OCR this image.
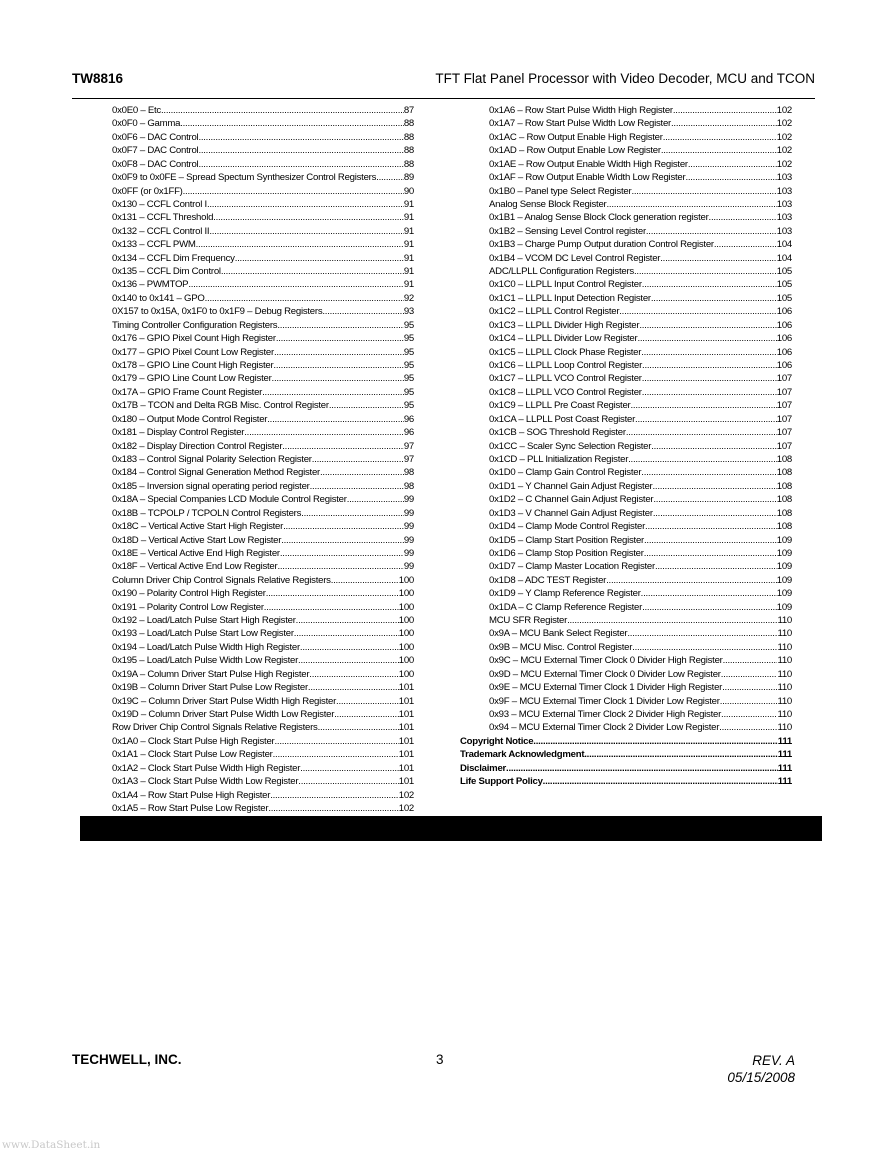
TW8816	TFT Flat Panel Processor with Video Decoder, MCU and TCON
0x0E0 – Etc .....	87
0x0F0 – Gamma .....	88
0x0F6 – DAC Control .....	88
0x0F7 – DAC Control .....	88
0x0F8 – DAC Control .....	88
0x0F9 to 0x0FE – Spread Spectum Synthesizer Control Registers .....	89
0x0FF (or 0x1FF) .....	90
0x130 – CCFL Control I .....	91
0x131 – CCFL Threshold .....	91
0x132 – CCFL Control II .....	91
0x133 – CCFL PWM .....	91
0x134 – CCFL Dim Frequency .....	91
0x135 – CCFL Dim Control .....	91
0x136 – PWMTOP .....	91
0x140 to 0x141 – GPO .....	92
0X157 to 0x15A, 0x1F0 to 0x1F9 – Debug Registers .....	93
Timing Controller Configuration Registers .....	95
0x176 – GPIO Pixel Count High Register .....	95
0x177 – GPIO Pixel Count Low Register .....	95
0x178 – GPIO Line Count High Register .....	95
0x179 – GPIO Line Count Low Register .....	95
0x17A – GPIO Frame Count Register .....	95
0x17B – TCON and Delta RGB Misc. Control Register .....	95
0x180 – Output Mode Control Register .....	96
0x181 – Display Control Register .....	96
0x182 – Display Direction Control Register .....	97
0x183 – Control Signal Polarity Selection Register .....	97
0x184 – Control Signal Generation Method Register .....	98
0x185 – Inversion signal operating period register .....	98
0x18A – Special Companies LCD Module Control Register .....	99
0x18B – TCPOLP / TCPOLN Control Registers .....	99
0x18C – Vertical Active Start High Register .....	99
0x18D – Vertical Active Start Low Register .....	99
0x18E – Vertical Active End High Register .....	99
0x18F – Vertical Active End Low Register .....	99
Column Driver Chip Control Signals Relative Registers .....	100
0x190 – Polarity Control High Register .....	100
0x191 – Polarity Control Low Register .....	100
0x192 – Load/Latch Pulse Start High Register .....	100
0x193 – Load/Latch Pulse Start Low Register .....	100
0x194 – Load/Latch Pulse Width High Register .....	100
0x195 – Load/Latch Pulse Width Low Register .....	100
0x19A – Column Driver Start Pulse High Register .....	100
0x19B – Column Driver Start Pulse Low Register .....	101
0x19C – Column Driver Start Pulse Width High Register .....	101
0x19D – Column Driver Start Pulse Width Low Register .....	101
Row Driver Chip Control Signals Relative Registers .....	101
0x1A0 – Clock Start Pulse High Register .....	101
0x1A1 – Clock Start Pulse Low Register .....	101
0x1A2 – Clock Start Pulse Width High Register .....	101
0x1A3 – Clock Start Pulse Width Low Register .....	101
0x1A4 – Row Start Pulse High Register .....	102
0x1A5 – Row Start Pulse Low Register .....	102
0x1A6 – Row Start Pulse Width High Register .....	102
0x1A7 – Row Start Pulse Width Low Register .....	102
0x1AC – Row Output Enable High Register .....	102
0x1AD – Row Output Enable Low Register .....	102
0x1AE – Row Output Enable Width High Register .....	102
0x1AF – Row Output Enable Width Low Register .....	103
0x1B0 – Panel type Select Register .....	103
Analog Sense Block Register .....	103
0x1B1 – Analog Sense Block Clock generation register .....	103
0x1B2 – Sensing Level Control register .....	103
0x1B3 – Charge Pump Output duration Control Register .....	104
0x1B4 – VCOM DC Level Control Register .....	104
ADC/LLPLL Configuration Registers .....	105
0x1C0 – LLPLL Input Control Register .....	105
0x1C1 – LLPLL Input Detection Register .....	105
0x1C2 – LLPLL Control Register .....	106
0x1C3 – LLPLL Divider High Register .....	106
0x1C4 – LLPLL Divider Low Register .....	106
0x1C5 – LLPLL Clock Phase Register .....	106
0x1C6 – LLPLL Loop Control Register .....	106
0x1C7 – LLPLL VCO Control Register .....	107
0x1C8 – LLPLL VCO Control Register .....	107
0x1C9 – LLPLL Pre Coast Register .....	107
0x1CA – LLPLL Post Coast Register .....	107
0x1CB – SOG Threshold Register .....	107
0x1CC – Scaler Sync Selection Register .....	107
0x1CD – PLL Initialization Register .....	108
0x1D0 – Clamp Gain Control Register .....	108
0x1D1 – Y Channel Gain Adjust Register .....	108
0x1D2 – C Channel Gain Adjust Register .....	108
0x1D3 – V Channel Gain Adjust Register .....	108
0x1D4 – Clamp Mode Control Register .....	108
0x1D5 – Clamp Start Position Register .....	109
0x1D6 – Clamp Stop Position Register .....	109
0x1D7 – Clamp Master Location Register .....	109
0x1D8 – ADC TEST Register .....	109
0x1D9 – Y Clamp Reference Register .....	109
0x1DA – C Clamp Reference Register .....	109
MCU SFR Register .....	110
0x9A – MCU Bank Select Register .....	110
0x9B – MCU Misc. Control Register .....	110
0x9C – MCU External Timer Clock 0 Divider High Register .....	110
0x9D – MCU External Timer Clock 0 Divider Low Register .....	110
0x9E – MCU External Timer Clock 1 Divider High Register .....	110
0x9F – MCU External Timer Clock 1 Divider Low Register .....	110
0x93 – MCU External Timer Clock 2 Divider High Register .....	110
0x94 – MCU External Timer Clock 2 Divider Low Register .....	110
Copyright Notice .....	111
Trademark Acknowledgment .....	111
Disclaimer .....	111
Life Support Policy .....	111
TECHWELL, INC.	3	REV. A
05/15/2008
www.DataSheet.in
